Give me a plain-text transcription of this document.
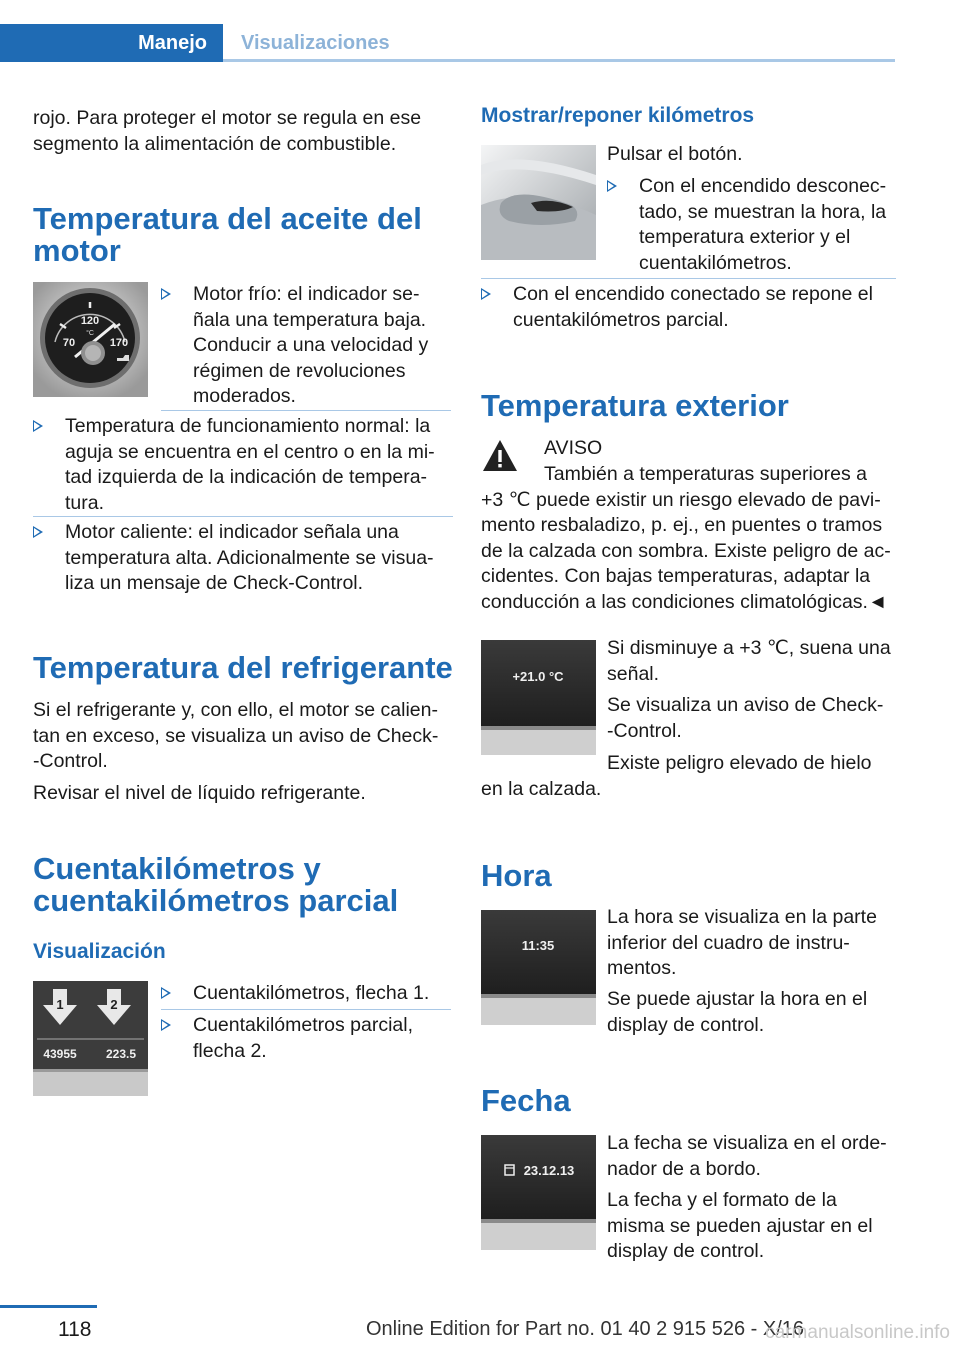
Manejo Visualizaciones
rojo. Para proteger el motor se regula en ese
segmento la alimentación de combustible.
Temperatura del aceite del
motor
120
°C
70	170
Motor frío: el indicador se-
ñala una temperatura baja.
Conducir a una velocidad y
régimen de revoluciones
moderados.
Temperatura de funcionamiento normal: la
aguja se encuentra en el centro o en la mi-
tad izquierda de la indicación de tempera-
tura.
Motor caliente: el indicador señala una
temperatura alta. Adicionalmente se visua-
liza un mensaje de Check-Control.
Temperatura del refrigerante
Si el refrigerante y, con ello, el motor se calien-
tan en exceso, se visualiza un aviso de Check-
-Control.
Revisar el nivel de líquido refrigerante.
Cuentakilómetros y
cuentakilómetros parcial
Visualización
1	2
43955 223.5
Cuentakilómetros, flecha 1.
Cuentakilómetros parcial,
flecha 2.
Mostrar/reponer kilómetros
Pulsar el botón.
Con el encendido desconec-
tado, se muestran la hora, la
temperatura exterior y el
cuentakilómetros.
Con el encendido conectado se repone el
cuentakilómetros parcial.
Temperatura exterior
AVISO
También a temperaturas superiores a
+3 ℃ puede existir un riesgo elevado de pavi-
mento resbaladizo, p. ej., en puentes o tramos
de la calzada con sombra. Existe peligro de ac-
cidentes. Con bajas temperaturas, adaptar la
conducción a las condiciones climatológicas.◄
+21.0 °C
Si disminuye a +3 ℃, suena una
señal.
Se visualiza un aviso de Check-
-Control.
Existe peligro elevado de hielo
en la calzada.
Hora
11:35
La hora se visualiza en la parte
inferior del cuadro de instru-
mentos.
Se puede ajustar la hora en el
display de control.
Fecha
23.12.13
La fecha se visualiza en el orde-
nador de a bordo.
La fecha y el formato de la
misma se pueden ajustar en el
display de control.
118	Online Edition for Part no. 01 40 2 915 526 - X/16
carmanualsonline.info
